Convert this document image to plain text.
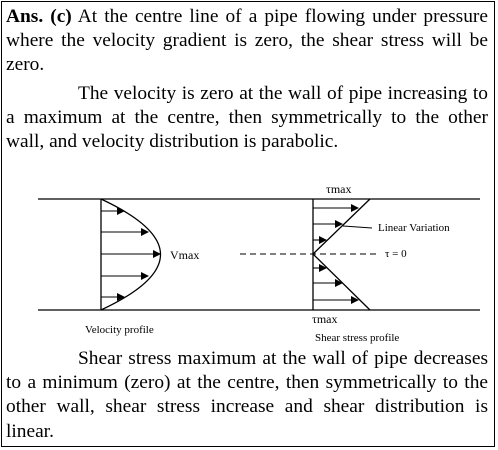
Ans. (c) At the centre line of a pipe flowing under pressure where the velocity gradient is zero, the shear stress will be zero.

The velocity is zero at the wall of pipe increasing to a maximum at the centre, then symmetrically to the other wall, and velocity distribution is parabolic.

τmax
Linear Variation
τ = 0
Vmax
τmax
Velocity profile
Shear stress profile

Shear stress maximum at the wall of pipe decreases to a minimum (zero) at the centre, then symmetrically to the other wall, shear stress increase and shear distribution is linear.
